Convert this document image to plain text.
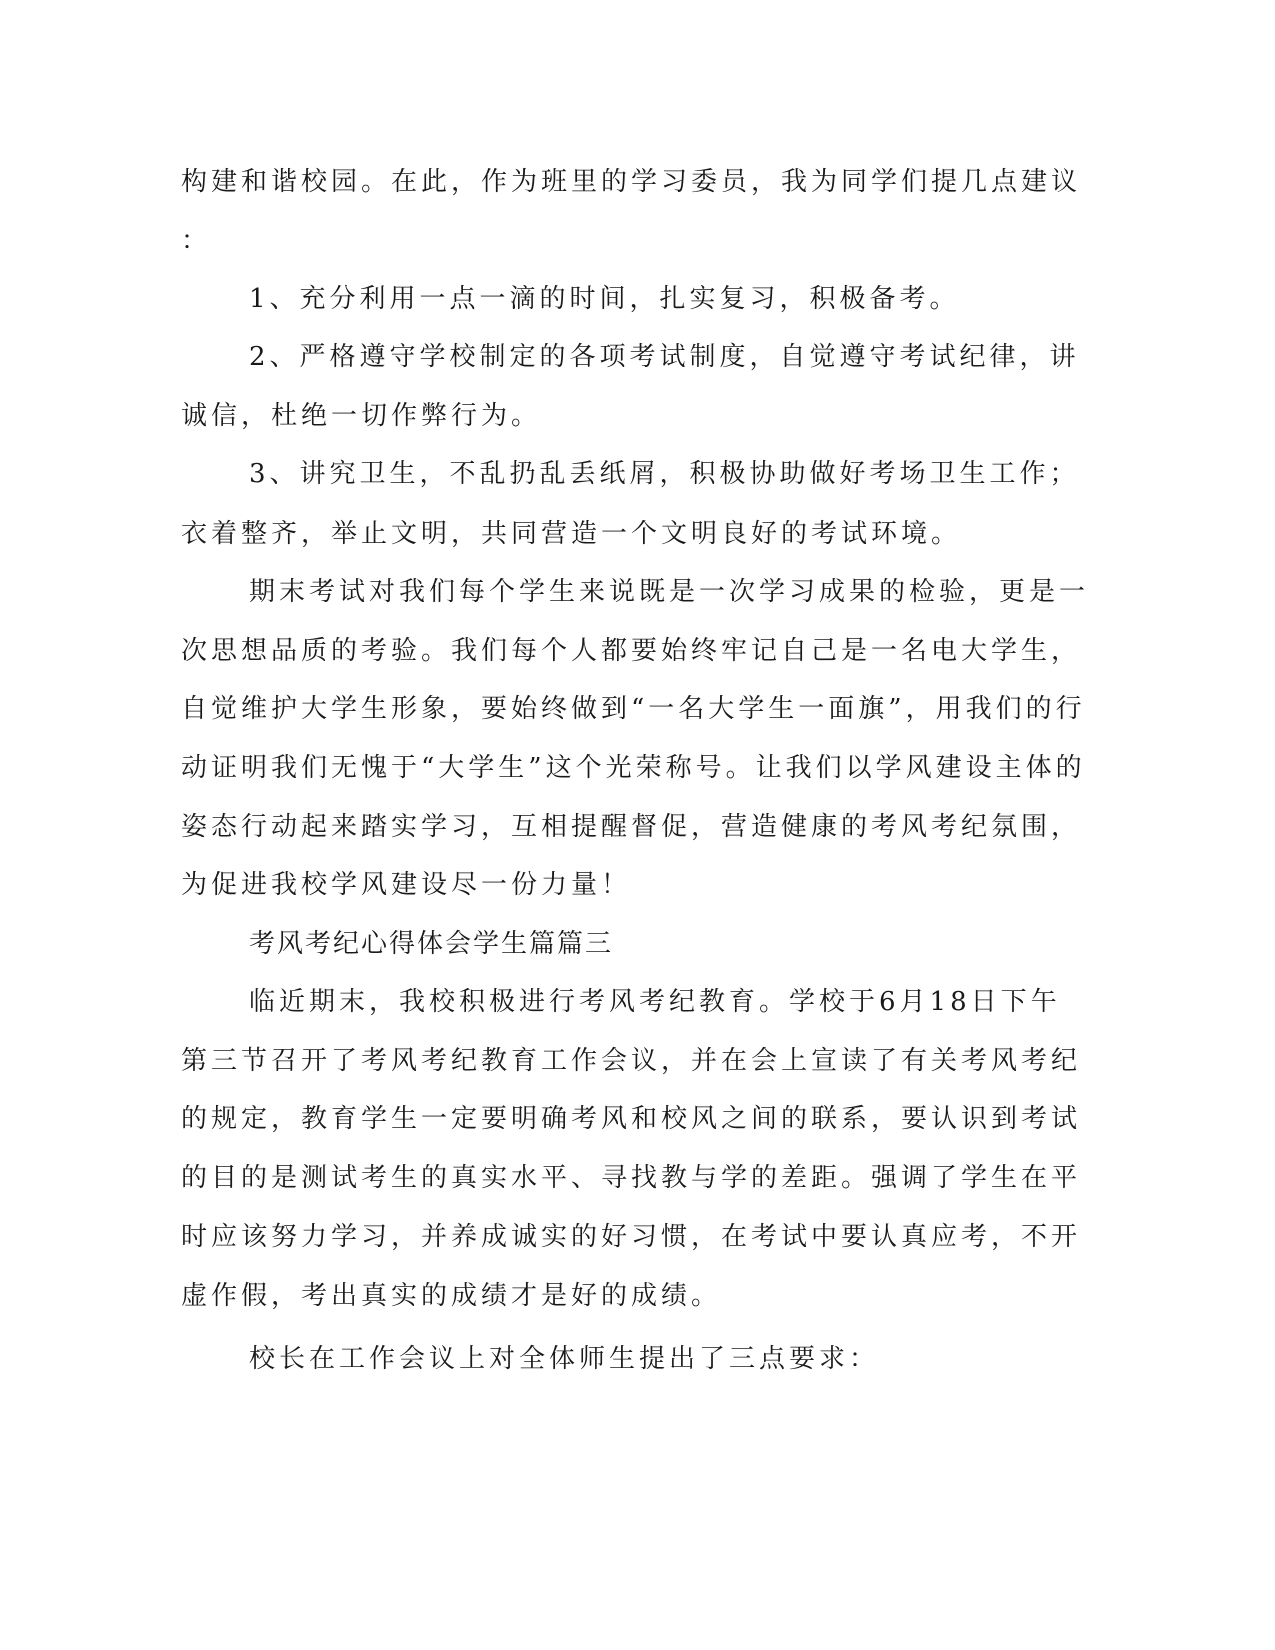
构建和谐校园。在此，作为班里的学习委员，我为同学们提几点建议

：

1、充分利用一点一滴的时间，扎实复习，积极备考。

2、严格遵守学校制定的各项考试制度，自觉遵守考试纪律，讲

诚信，杜绝一切作弊行为。

3、讲究卫生，不乱扔乱丢纸屑，积极协助做好考场卫生工作；

衣着整齐，举止文明，共同营造一个文明良好的考试环境。

期末考试对我们每个学生来说既是一次学习成果的检验，更是一

次思想品质的考验。我们每个人都要始终牢记自己是一名电大学生，

自觉维护大学生形象，要始终做到“一名大学生一面旗”，用我们的行

动证明我们无愧于“大学生”这个光荣称号。让我们以学风建设主体的

姿态行动起来踏实学习，互相提醒督促，营造健康的考风考纪氛围，

为促进我校学风建设尽一份力量！

考风考纪心得体会学生篇篇三

临近期末，我校积极进行考风考纪教育。学校于6月18日下午

第三节召开了考风考纪教育工作会议，并在会上宣读了有关考风考纪

的规定，教育学生一定要明确考风和校风之间的联系，要认识到考试

的目的是测试考生的真实水平、寻找教与学的差距。强调了学生在平

时应该努力学习，并养成诚实的好习惯，在考试中要认真应考，不开

虚作假，考出真实的成绩才是好的成绩。

校长在工作会议上对全体师生提出了三点要求：
